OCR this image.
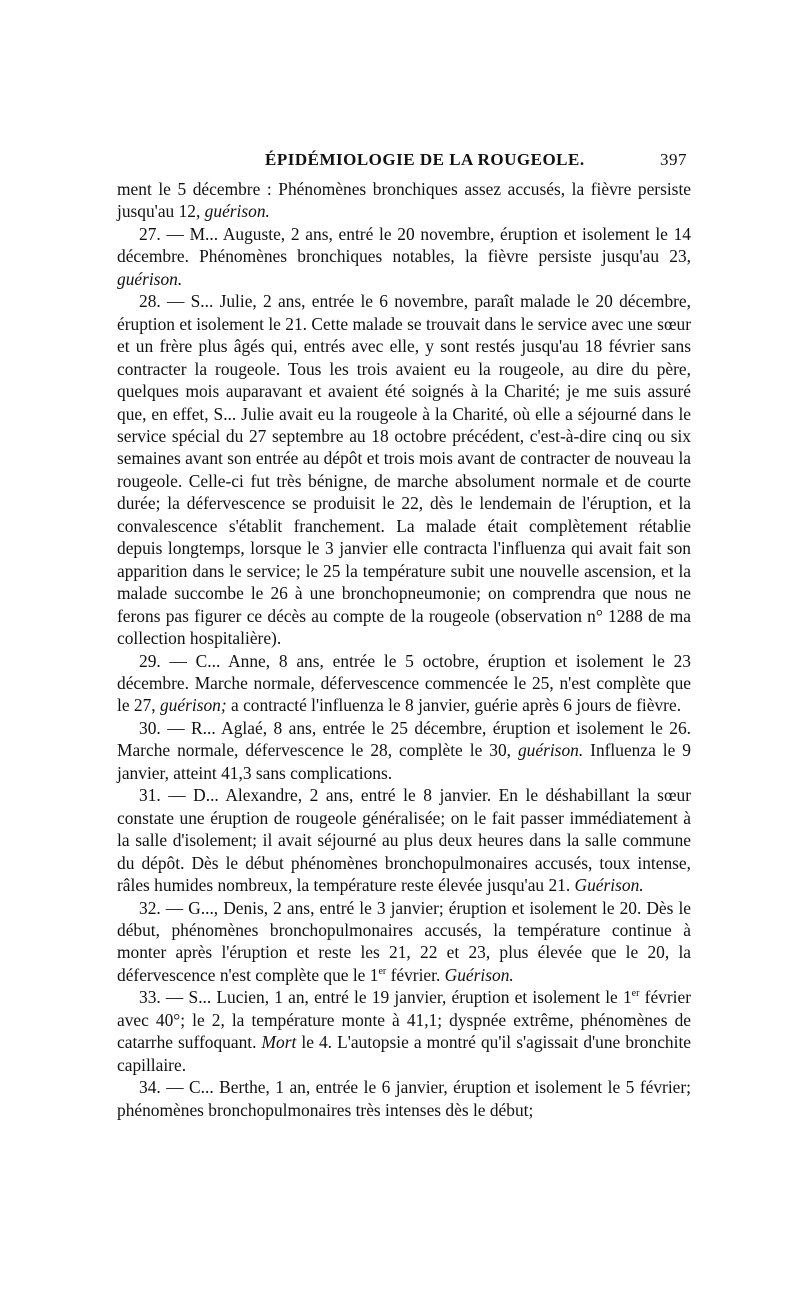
ÉPIDÉMIOLOGIE DE LA ROUGEOLE.	397

ment le 5 décembre : Phénomènes bronchiques assez accusés, la fièvre persiste jusqu'au 12, guérison.

27. — M... Auguste, 2 ans, entré le 20 novembre, éruption et isolement le 14 décembre. Phénomènes bronchiques notables, la fièvre persiste jusqu'au 23, guérison.

28. — S... Julie, 2 ans, entrée le 6 novembre, paraît malade le 20 décembre, éruption et isolement le 21. Cette malade se trouvait dans le service avec une sœur et un frère plus âgés qui, entrés avec elle, y sont restés jusqu'au 18 février sans contracter la rougeole. Tous les trois avaient eu la rougeole, au dire du père, quelques mois auparavant et avaient été soignés à la Charité; je me suis assuré que, en effet, S... Julie avait eu la rougeole à la Charité, où elle a séjourné dans le service spécial du 27 septembre au 18 octobre précédent, c'est-à-dire cinq ou six semaines avant son entrée au dépôt et trois mois avant de contracter de nouveau la rougeole. Celle-ci fut très bénigne, de marche absolument normale et de courte durée; la défervescence se produisit le 22, dès le lendemain de l'éruption, et la convalescence s'établit franchement. La malade était complètement rétablie depuis longtemps, lorsque le 3 janvier elle contracta l'influenza qui avait fait son apparition dans le service; le 25 la température subit une nouvelle ascension, et la malade succombe le 26 à une bronchopneumonie; on comprendra que nous ne ferons pas figurer ce décès au compte de la rougeole (observation n° 1288 de ma collection hospitalière).

29. — C... Anne, 8 ans, entrée le 5 octobre, éruption et isolement le 23 décembre. Marche normale, défervescence commencée le 25, n'est complète que le 27, guérison; a contracté l'influenza le 8 janvier, guérie après 6 jours de fièvre.

30. — R... Aglaé, 8 ans, entrée le 25 décembre, éruption et isolement le 26. Marche normale, défervescence le 28, complète le 30, guérison. Influenza le 9 janvier, atteint 41,3 sans complications.

31. — D... Alexandre, 2 ans, entré le 8 janvier. En le déshabillant la sœur constate une éruption de rougeole généralisée; on le fait passer immédiatement à la salle d'isolement; il avait séjourné au plus deux heures dans la salle commune du dépôt. Dès le début phénomènes bronchopulmonaires accusés, toux intense, râles humides nombreux, la température reste élevée jusqu'au 21. Guérison.

32. — G..., Denis, 2 ans, entré le 3 janvier; éruption et isolement le 20. Dès le début, phénomènes bronchopulmonaires accusés, la température continue à monter après l'éruption et reste les 21, 22 et 23, plus élevée que le 20, la défervescence n'est complète que le 1er février. Guérison.

33. — S... Lucien, 1 an, entré le 19 janvier, éruption et isolement le 1er février avec 40°; le 2, la température monte à 41,1; dyspnée extrême, phénomènes de catarrhe suffoquant. Mort le 4. L'autopsie a montré qu'il s'agissait d'une bronchite capillaire.

34. — C... Berthe, 1 an, entrée le 6 janvier, éruption et isolement le 5 février; phénomènes bronchopulmonaires très intenses dès le début;
